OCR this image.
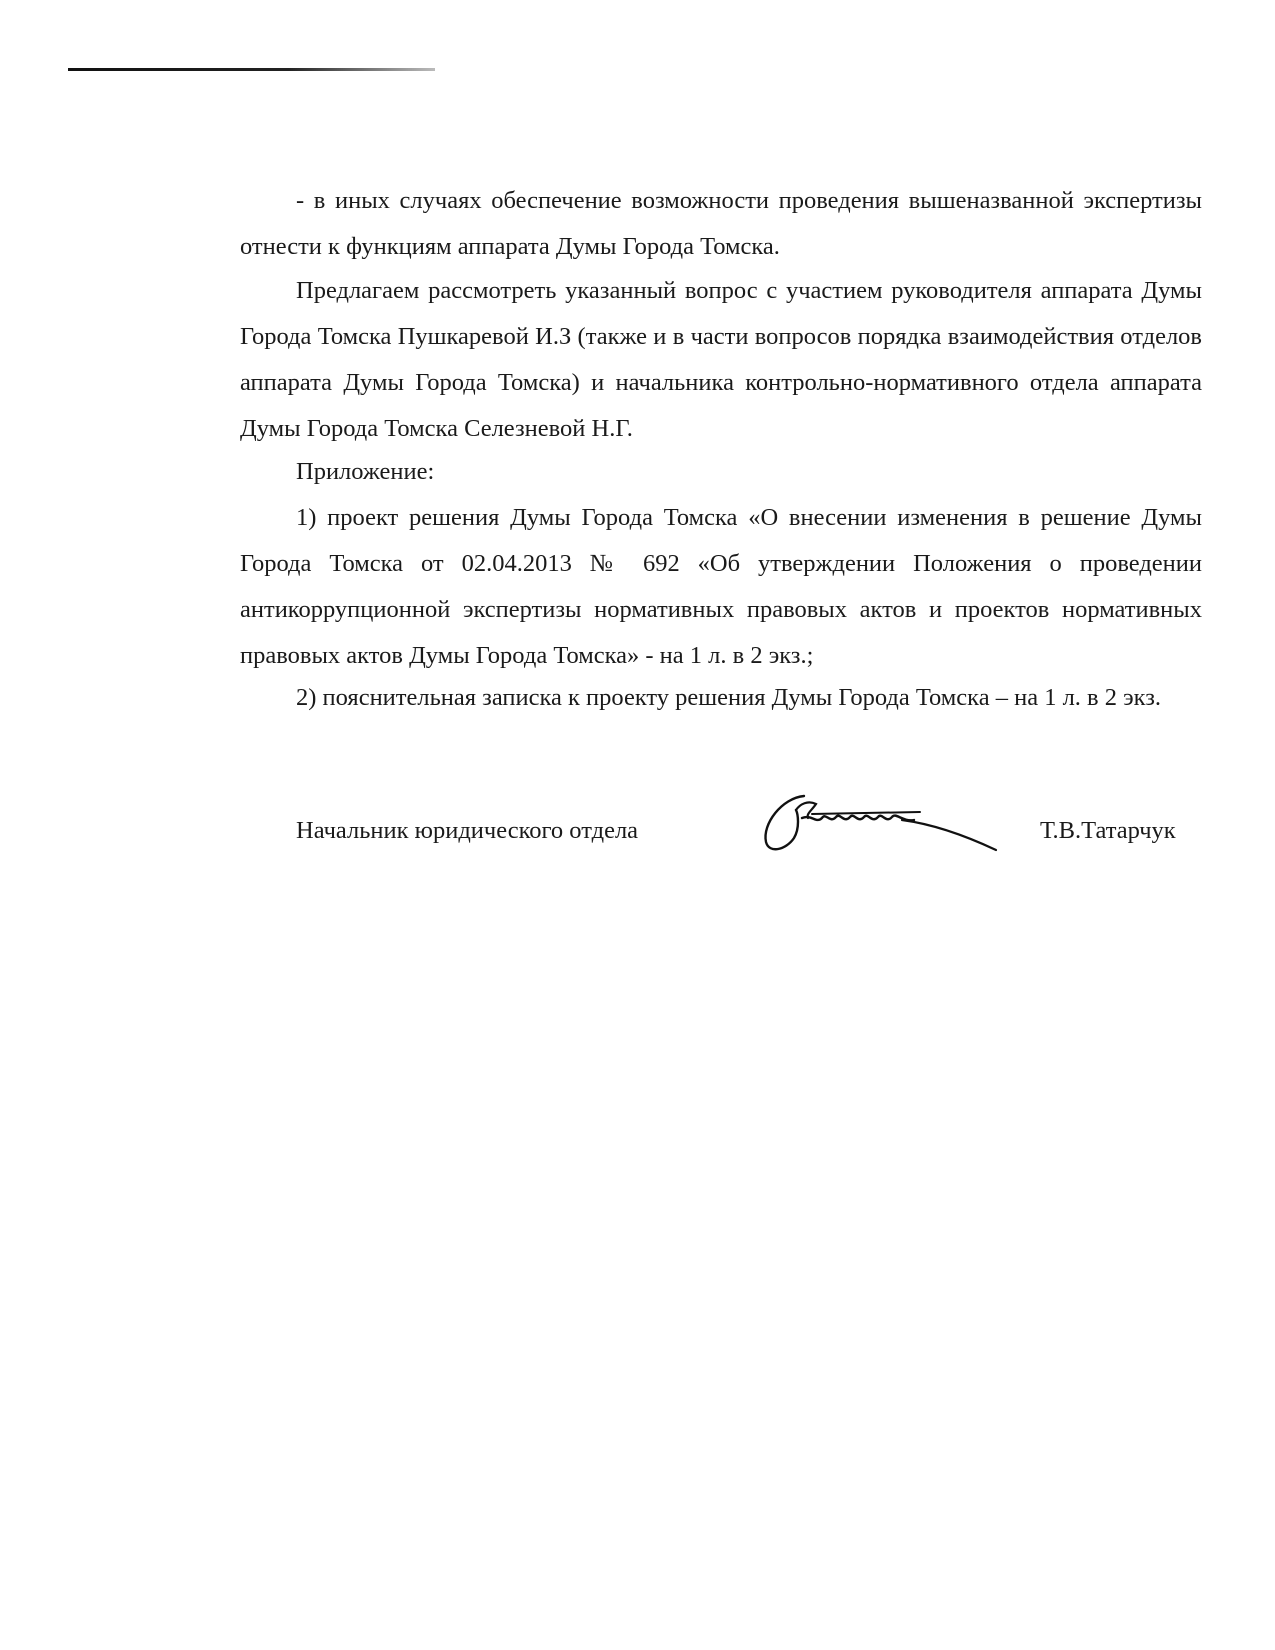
- в иных случаях обеспечение возможности проведения вышеназванной экспертизы отнести к функциям аппарата Думы Города Томска.
Предлагаем рассмотреть указанный вопрос с участием руководителя аппарата Думы Города Томска Пушкаревой И.З (также и в части вопросов порядка взаимодействия отделов аппарата Думы Города Томска) и начальника контрольно-нормативного отдела аппарата Думы Города Томска Селезневой Н.Г.
Приложение:
1) проект решения Думы Города Томска «О внесении изменения в решение Думы Города Томска от 02.04.2013 № 692 «Об утверждении Положения о проведении антикоррупционной экспертизы нормативных правовых актов и проектов нормативных правовых актов Думы Города Томска» - на 1 л. в 2 экз.;
2) пояснительная записка к проекту решения Думы Города Томска – на 1 л. в 2 экз.
Начальник юридического отдела	Т.В.Татарчук
